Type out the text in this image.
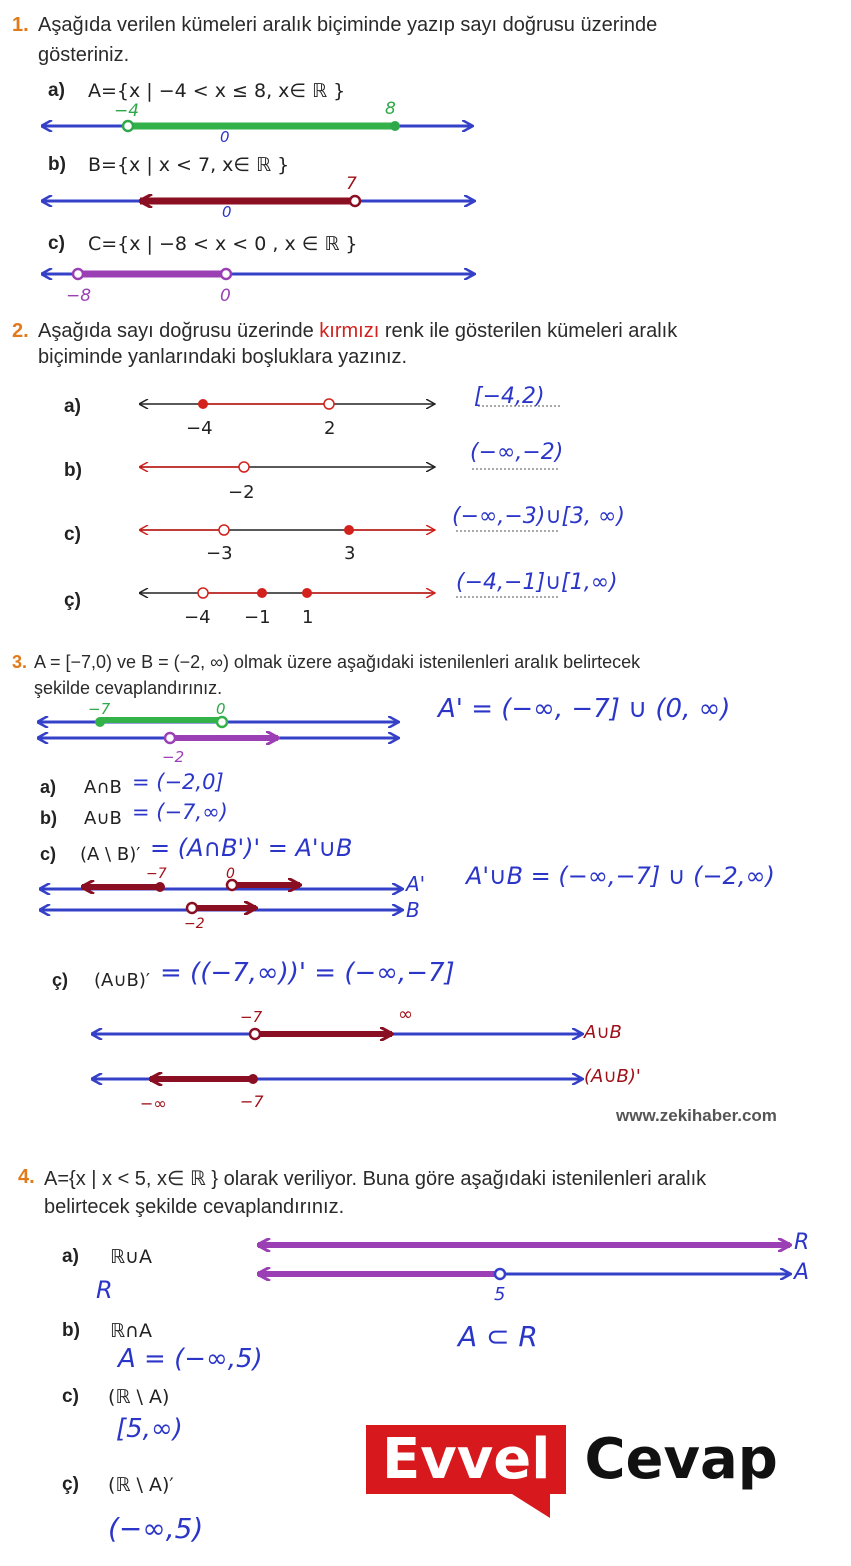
1. Aşağıda verilen kümeleri aralık biçiminde yazıp sayı doğrusu üzerinde
gösteriniz.
a) A={x | −4 < x ≤ 8, x∈ ℝ }
−4	8
0
b) B={x | x < 7, x∈ ℝ }
7
0
c) C={x | −8 < x < 0 , x ∈ ℝ }
−8	0
2. Aşağıda sayı doğrusu üzerinde kırmızı renk ile gösterilen kümeleri aralık
biçiminde yanlarındaki boşluklara yazınız.
a)
−4	2
[−4,2)
b)
−2
(−∞,−2)
c)
−3	3
(−∞,−3)∪[3, ∞)
ç)
−4 −1 1
(−4,−1]∪[1,∞)
3. A = [−7,0) ve B = (−2, ∞) olmak üzere aşağıdaki istenilenleri aralık belirtecek
şekilde cevaplandırınız.
−7	0
−2
A' = (−∞, −7] ∪ (0, ∞)
a) A∩B = (−2,0]
b) A∪B = (−7,∞)
c) (A \ B)′ = (A∩B')' = A'∪B
−7	0
−2
A'
B
A'∪B = (−∞,−7] ∪ (−2,∞)
ç) (A∪B)′ = ((−7,∞))' = (−∞,−7]
−7	∞
−∞	−7
A∪B
(A∪B)'
www.zekihaber.com
4. A={x | x < 5, x∈ ℝ } olarak veriliyor. Buna göre aşağıdaki istenilenleri aralık
belirtecek şekilde cevaplandırınız.
R
A
5
A ⊂ R
a) ℝ∪A
R
b) ℝ∩A
A = (−∞,5)
c) (ℝ \ A)
[5,∞)
ç) (ℝ \ A)′
(−∞,5)
Evvel Cevap
